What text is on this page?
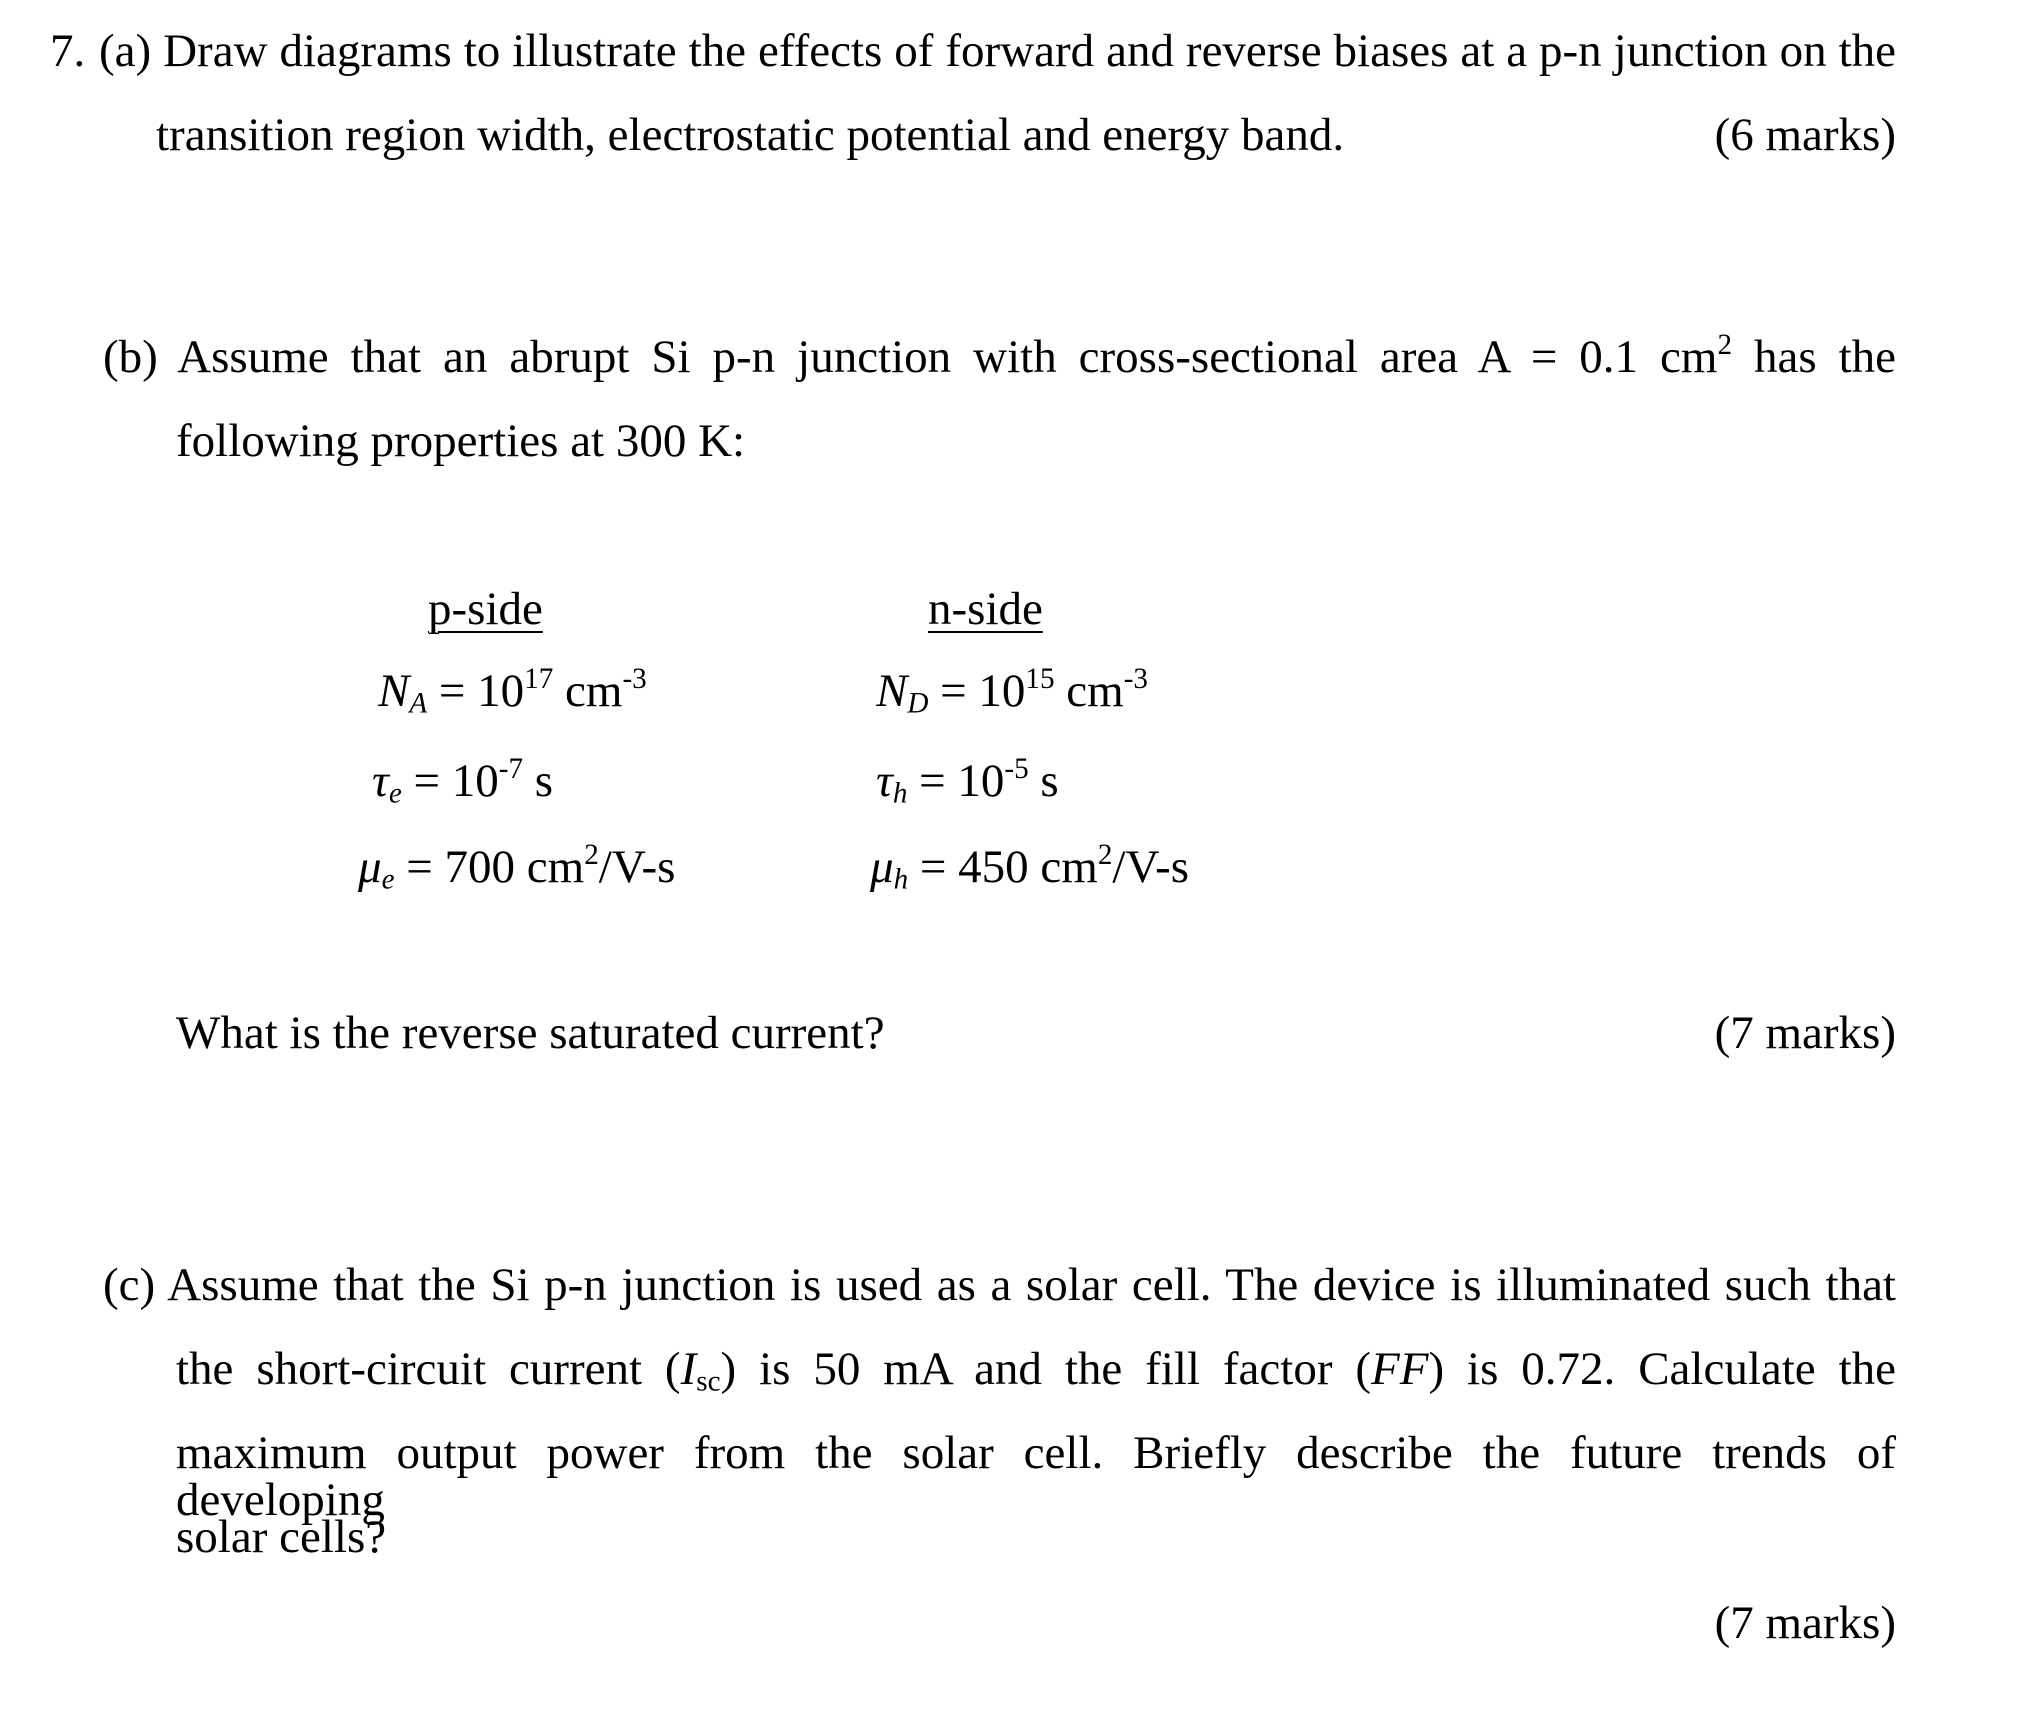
7. (a) Draw diagrams to illustrate the effects of forward and reverse biases at a p-n junction on the
transition region width, electrostatic potential and energy band.	(6 marks)
(b) Assume that an abrupt Si p-n junction with cross-sectional area A = 0.1 $cm^2$ has the
following properties at 300 K:
p-side	n-side
$N_A = 10^{17}$ $cm^{-3}$	$N_D = 10^{15}$ $cm^{-3}$
$\tau_e = 10^{-7}$ s	$\tau_h = 10^{-5}$ s
$\mu_e = 700$ $cm^2/V-s$	$\mu_h = 450$ $cm^2/V-s$
What is the reverse saturated current?	(7 marks)
(c) Assume that the Si p-n junction is used as a solar cell. The device is illuminated such that
the short-circuit current $(I_{sc})$ is 50 mA and the fill factor (FF) is 0.72. Calculate the
maximum output power from the solar cell. Briefly describe the future trends of developing
solar cells?
(7 marks)
